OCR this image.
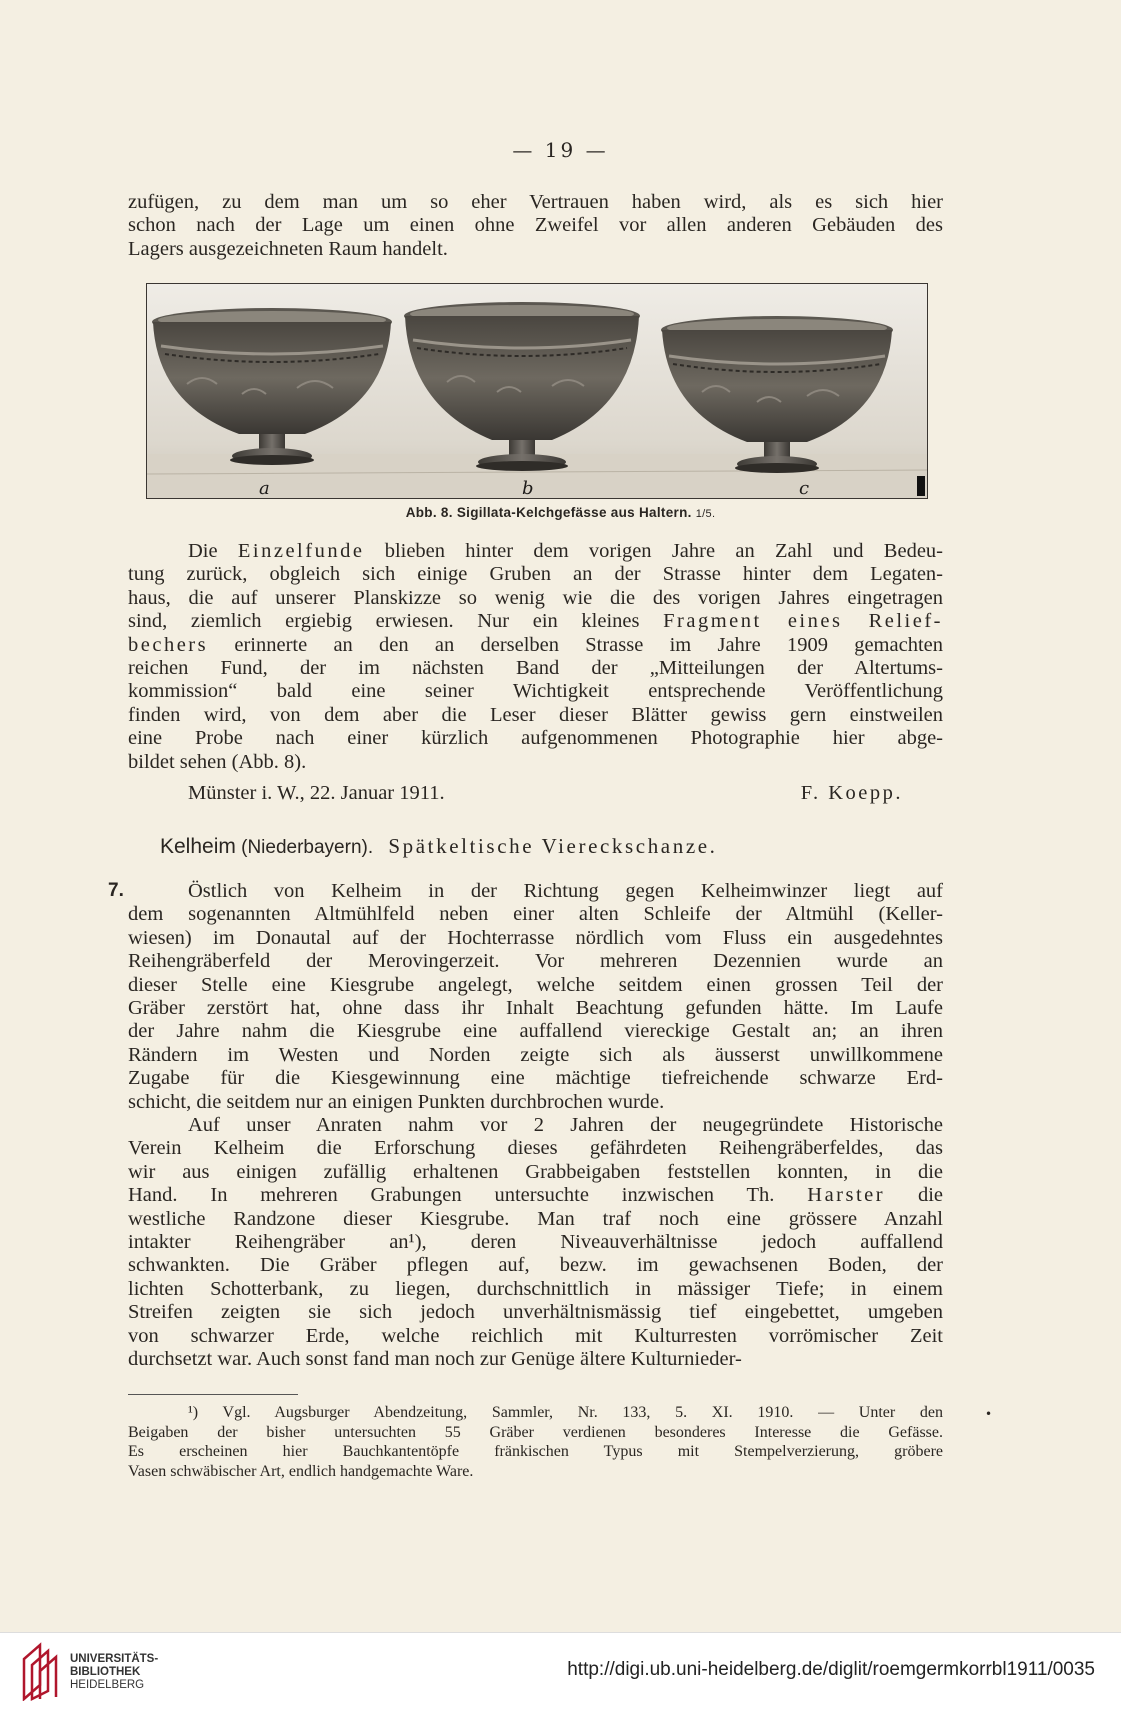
— 19 —
zufügen, zu dem man um so eher Vertrauen haben wird, als es sich hier
schon nach der Lage um einen ohne Zweifel vor allen anderen Gebäuden des
Lagers ausgezeichneten Raum handelt.
a	b	c
Abb. 8. Sigillata-Kelchgefässe aus Haltern. 1/5.
Die Einzelfunde blieben hinter dem vorigen Jahre an Zahl und Bedeu-
tung zurück, obgleich sich einige Gruben an der Strasse hinter dem Legaten-
haus, die auf unserer Planskizze so wenig wie die des vorigen Jahres eingetragen
sind, ziemlich ergiebig erwiesen. Nur ein kleines Fragment eines Relief-
bechers erinnerte an den an derselben Strasse im Jahre 1909 gemachten
reichen Fund, der im nächsten Band der „Mitteilungen der Altertums-
kommission“ bald eine seiner Wichtigkeit entsprechende Veröffentlichung
finden wird, von dem aber die Leser dieser Blätter gewiss gern einstweilen
eine Probe nach einer kürzlich aufgenommenen Photographie hier abge-
bildet sehen (Abb. 8).
Münster i. W., 22. Januar 1911.	F. Koepp.
Kelheim (Niederbayern). Spätkeltische Viereckschanze.
7.	Östlich von Kelheim in der Richtung gegen Kelheimwinzer liegt auf
dem sogenannten Altmühlfeld neben einer alten Schleife der Altmühl (Keller-
wiesen) im Donautal auf der Hochterrasse nördlich vom Fluss ein ausgedehntes
Reihengräberfeld der Merovingerzeit. Vor mehreren Dezennien wurde an
dieser Stelle eine Kiesgrube angelegt, welche seitdem einen grossen Teil der
Gräber zerstört hat, ohne dass ihr Inhalt Beachtung gefunden hätte. Im Laufe
der Jahre nahm die Kiesgrube eine auffallend viereckige Gestalt an; an ihren
Rändern im Westen und Norden zeigte sich als äusserst unwillkommene
Zugabe für die Kiesgewinnung eine mächtige tiefreichende schwarze Erd-
schicht, die seitdem nur an einigen Punkten durchbrochen wurde.
Auf unser Anraten nahm vor 2 Jahren der neugegründete Historische
Verein Kelheim die Erforschung dieses gefährdeten Reihengräberfeldes, das
wir aus einigen zufällig erhaltenen Grabbeigaben feststellen konnten, in die
Hand. In mehreren Grabungen untersuchte inzwischen Th. Harster die
westliche Randzone dieser Kiesgrube. Man traf noch eine grössere Anzahl
intakter Reihengräber an¹), deren Niveauverhältnisse jedoch auffallend
schwankten. Die Gräber pflegen auf, bezw. im gewachsenen Boden, der
lichten Schotterbank, zu liegen, durchschnittlich in mässiger Tiefe; in einem
Streifen zeigten sie sich jedoch unverhältnismässig tief eingebettet, umgeben
von schwarzer Erde, welche reichlich mit Kulturresten vorrömischer Zeit
durchsetzt war. Auch sonst fand man noch zur Genüge ältere Kulturnieder-
¹) Vgl. Augsburger Abendzeitung, Sammler, Nr. 133, 5. XI. 1910. — Unter den
Beigaben der bisher untersuchten 55 Gräber verdienen besonderes Interesse die Gefässe.
Es erscheinen hier Bauchkantentöpfe fränkischen Typus mit Stempelverzierung, gröbere
Vasen schwäbischer Art, endlich handgemachte Ware.
•
UNIVERSITÄTS-
BIBLIOTHEK
HEIDELBERG
http://digi.ub.uni-heidelberg.de/diglit/roemgermkorrbl1911/0035
